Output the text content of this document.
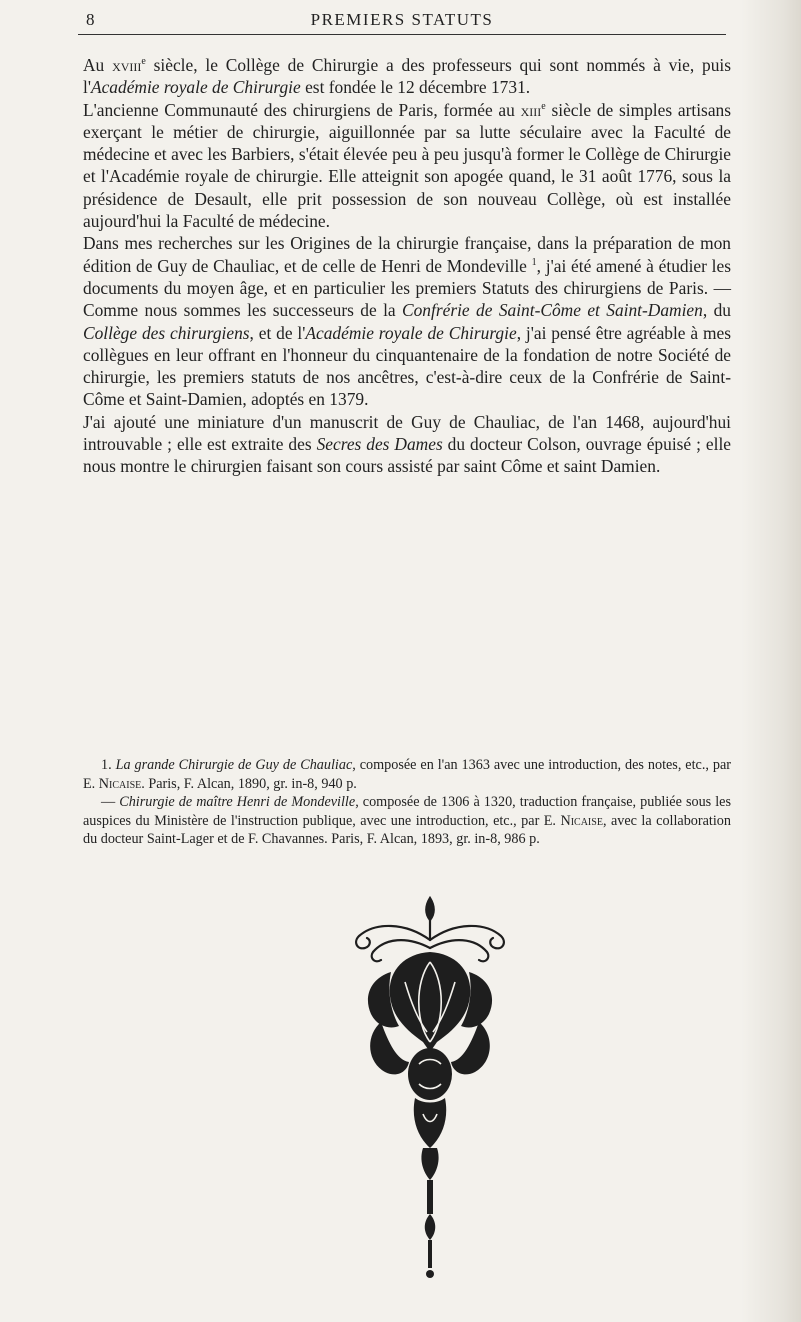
8	PREMIERS STATUTS

Au xviii$^e$ siècle, le Collège de Chirurgie a des professeurs qui sont nommés à vie, puis l'Académie royale de Chirurgie est fondée le 12 décembre 1731.

L'ancienne Communauté des chirurgiens de Paris, formée au xiii$^e$ siècle de simples artisans exerçant le métier de chirurgie, aiguillonnée par sa lutte séculaire avec la Faculté de médecine et avec les Barbiers, s'était élevée peu à peu jusqu'à former le Collège de Chirurgie et l'Académie royale de chirurgie. Elle atteignit son apogée quand, le 31 août 1776, sous la présidence de Desault, elle prit possession de son nouveau Collège, où est installée aujourd'hui la Faculté de médecine.

Dans mes recherches sur les Origines de la chirurgie française, dans la préparation de mon édition de Guy de Chauliac, et de celle de Henri de Mondeville $^1$, j'ai été amené à étudier les documents du moyen âge, et en particulier les premiers Statuts des chirurgiens de Paris. — Comme nous sommes les successeurs de la Confrérie de Saint-Côme et Saint-Damien, du Collège des chirurgiens, et de l'Académie royale de Chirurgie, j'ai pensé être agréable à mes collègues en leur offrant en l'honneur du cinquantenaire de la fondation de notre Société de chirurgie, les premiers statuts de nos ancêtres, c'est-à-dire ceux de la Confrérie de Saint-Côme et Saint-Damien, adoptés en 1379.

J'ai ajouté une miniature d'un manuscrit de Guy de Chauliac, de l'an 1468, aujourd'hui introuvable ; elle est extraite des Secres des Dames du docteur Colson, ouvrage épuisé ; elle nous montre le chirurgien faisant son cours assisté par saint Côme et saint Damien.

1. La grande Chirurgie de Guy de Chauliac, composée en l'an 1363 avec une introduction, des notes, etc., par E. Nicaise. Paris, F. Alcan, 1890, gr. in-8, 940 p.

— Chirurgie de maître Henri de Mondeville, composée de 1306 à 1320, traduction française, publiée sous les auspices du Ministère de l'instruction publique, avec une introduction, etc., par E. Nicaise, avec la collaboration du docteur Saint-Lager et de F. Chavannes. Paris, F. Alcan, 1893, gr. in-8, 986 p.
